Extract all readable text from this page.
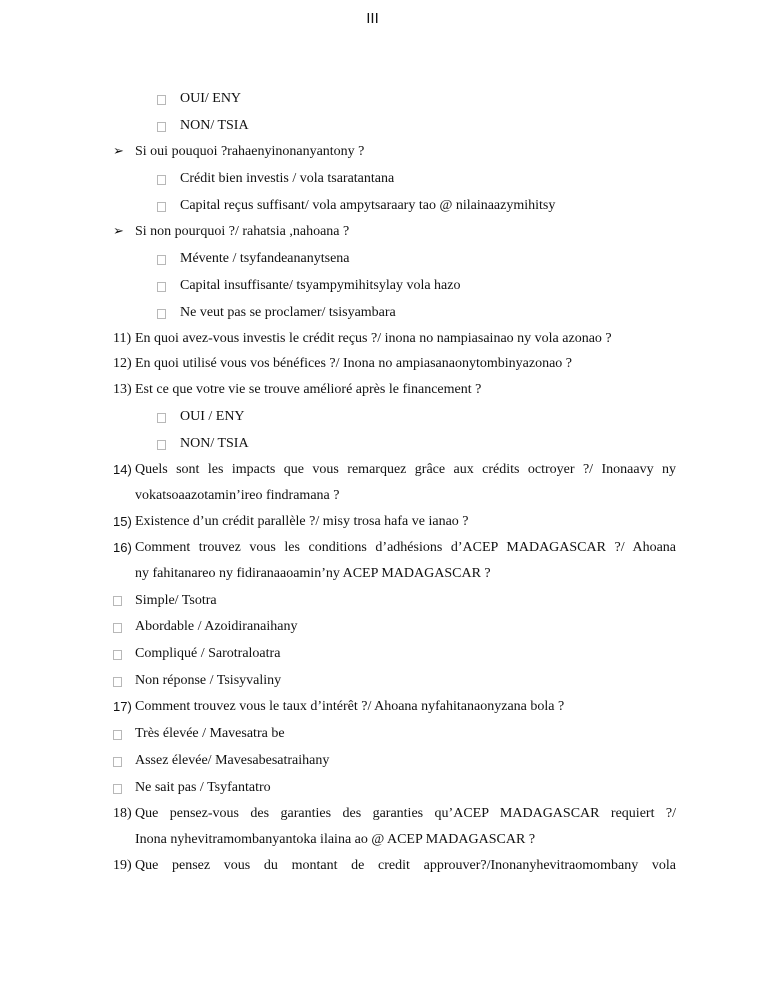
III
OUI/ ENY
NON/ TSIA
➢ Si oui pouquoi ?rahaenyinonanyantony ?
Crédit bien investis / vola tsaratantana
Capital reçus suffisant/ vola ampytsaraary tao @ nilainaazymihitsy
➢ Si non pourquoi ?/ rahatsia ,nahoana ?
Mévente / tsyfandeananytsena
Capital insuffisante/ tsyampymihitsylay vola hazo
Ne veut pas se proclamer/ tsisyambara
11) En quoi avez-vous investis le crédit reçus ?/ inona no nampiasainao ny vola azonao ?
12) En quoi utilisé vous vos bénéfices ?/ Inona no ampiasanaonytombinyazonao ?
13) Est ce que votre vie se trouve amélioré après le financement ?
OUI / ENY
NON/ TSIA
14) Quels sont les impacts que vous remarquez grâce aux crédits octroyer ?/ Inonaavy ny
vokatsoaazotamin’ireo findramana ?
15) Existence d’un crédit parallèle ?/ misy trosa hafa ve ianao ?
16) Comment trouvez vous les conditions d’adhésions d’ACEP MADAGASCAR ?/ Ahoana
ny fahitanareo ny fidiranaaoamin’ny ACEP MADAGASCAR ?
Simple/ Tsotra
Abordable / Azoidiranaihany
Compliqué / Sarotraloatra
Non réponse / Tsisyvaliny
17) Comment trouvez vous le taux d’intérêt ?/ Ahoana nyfahitanaonyzana bola ?
Très élevée / Mavesatra be
Assez élevée/ Mavesabesatraihany
Ne sait pas / Tsyfantatro
18) Que pensez-vous des garanties des garanties qu’ACEP MADAGASCAR requiert ?/
Inona nyhevitramombanyantoka ilaina ao @ ACEP MADAGASCAR ?
19) Que pensez vous du montant de credit approuver?/Inonanyhevitraomombany vola
